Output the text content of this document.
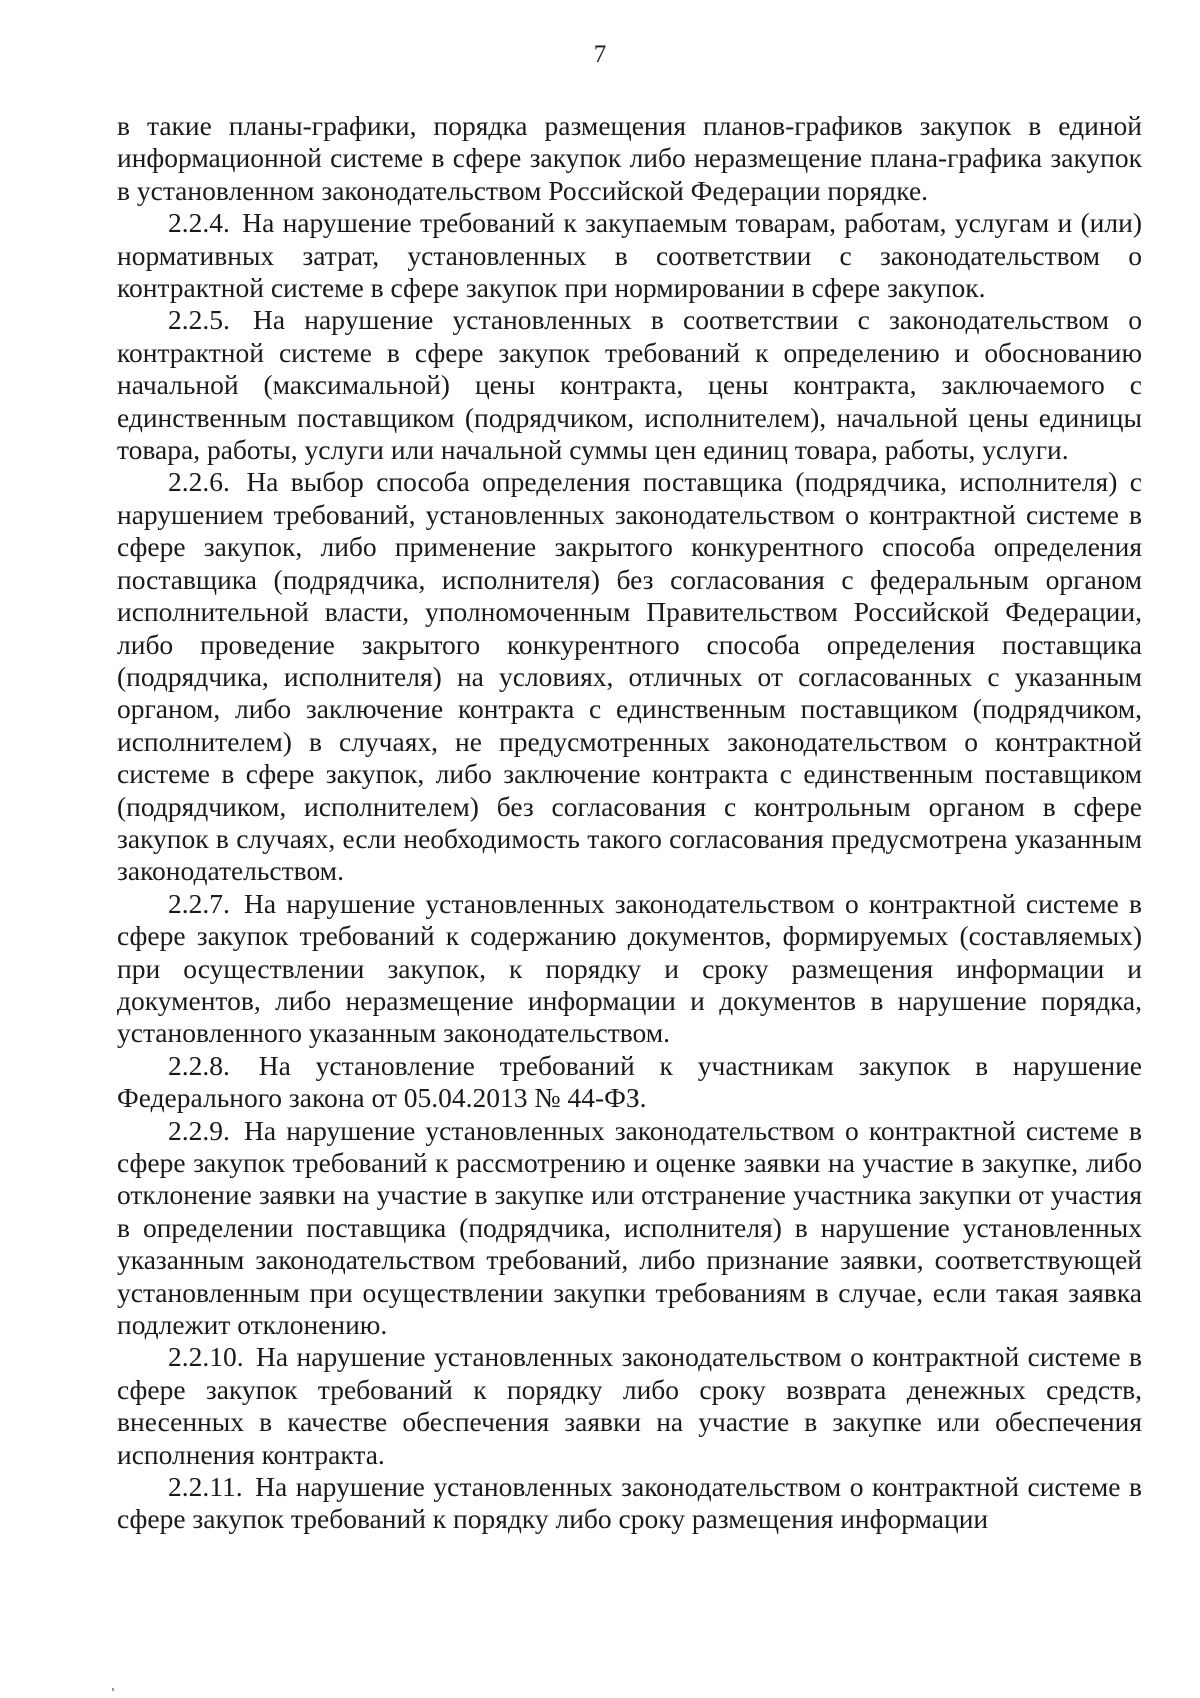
7

в такие планы-графики, порядка размещения планов-графиков закупок в единой информационной системе в сфере закупок либо неразмещение плана-графика закупок в установленном законодательством Российской Федерации порядке.

2.2.4. На нарушение требований к закупаемым товарам, работам, услугам и (или) нормативных затрат, установленных в соответствии с законодательством о контрактной системе в сфере закупок при нормировании в сфере закупок.

2.2.5. На нарушение установленных в соответствии с законодательством о контрактной системе в сфере закупок требований к определению и обоснованию начальной (максимальной) цены контракта, цены контракта, заключаемого с единственным поставщиком (подрядчиком, исполнителем), начальной цены единицы товара, работы, услуги или начальной суммы цен единиц товара, работы, услуги.

2.2.6. На выбор способа определения поставщика (подрядчика, исполнителя) с нарушением требований, установленных законодательством о контрактной системе в сфере закупок, либо применение закрытого конкурентного способа определения поставщика (подрядчика, исполнителя) без согласования с федеральным органом исполнительной власти, уполномоченным Правительством Российской Федерации, либо проведение закрытого конкурентного способа определения поставщика (подрядчика, исполнителя) на условиях, отличных от согласованных с указанным органом, либо заключение контракта с единственным поставщиком (подрядчиком, исполнителем) в случаях, не предусмотренных законодательством о контрактной системе в сфере закупок, либо заключение контракта с единственным поставщиком (подрядчиком, исполнителем) без согласования с контрольным органом в сфере закупок в случаях, если необходимость такого согласования предусмотрена указанным законодательством.

2.2.7. На нарушение установленных законодательством о контрактной системе в сфере закупок требований к содержанию документов, формируемых (составляемых) при осуществлении закупок, к порядку и сроку размещения информации и документов, либо неразмещение информации и документов в нарушение порядка, установленного указанным законодательством.

2.2.8. На установление требований к участникам закупок в нарушение Федерального закона от 05.04.2013 № 44-ФЗ.

2.2.9. На нарушение установленных законодательством о контрактной системе в сфере закупок требований к рассмотрению и оценке заявки на участие в закупке, либо отклонение заявки на участие в закупке или отстранение участника закупки от участия в определении поставщика (подрядчика, исполнителя) в нарушение установленных указанным законодательством требований, либо признание заявки, соответствующей установленным при осуществлении закупки требованиям в случае, если такая заявка подлежит отклонению.

2.2.10. На нарушение установленных законодательством о контрактной системе в сфере закупок требований к порядку либо сроку возврата денежных средств, внесенных в качестве обеспечения заявки на участие в закупке или обеспечения исполнения контракта.

2.2.11. На нарушение установленных законодательством о контрактной системе в сфере закупок требований к порядку либо сроку размещения информации
